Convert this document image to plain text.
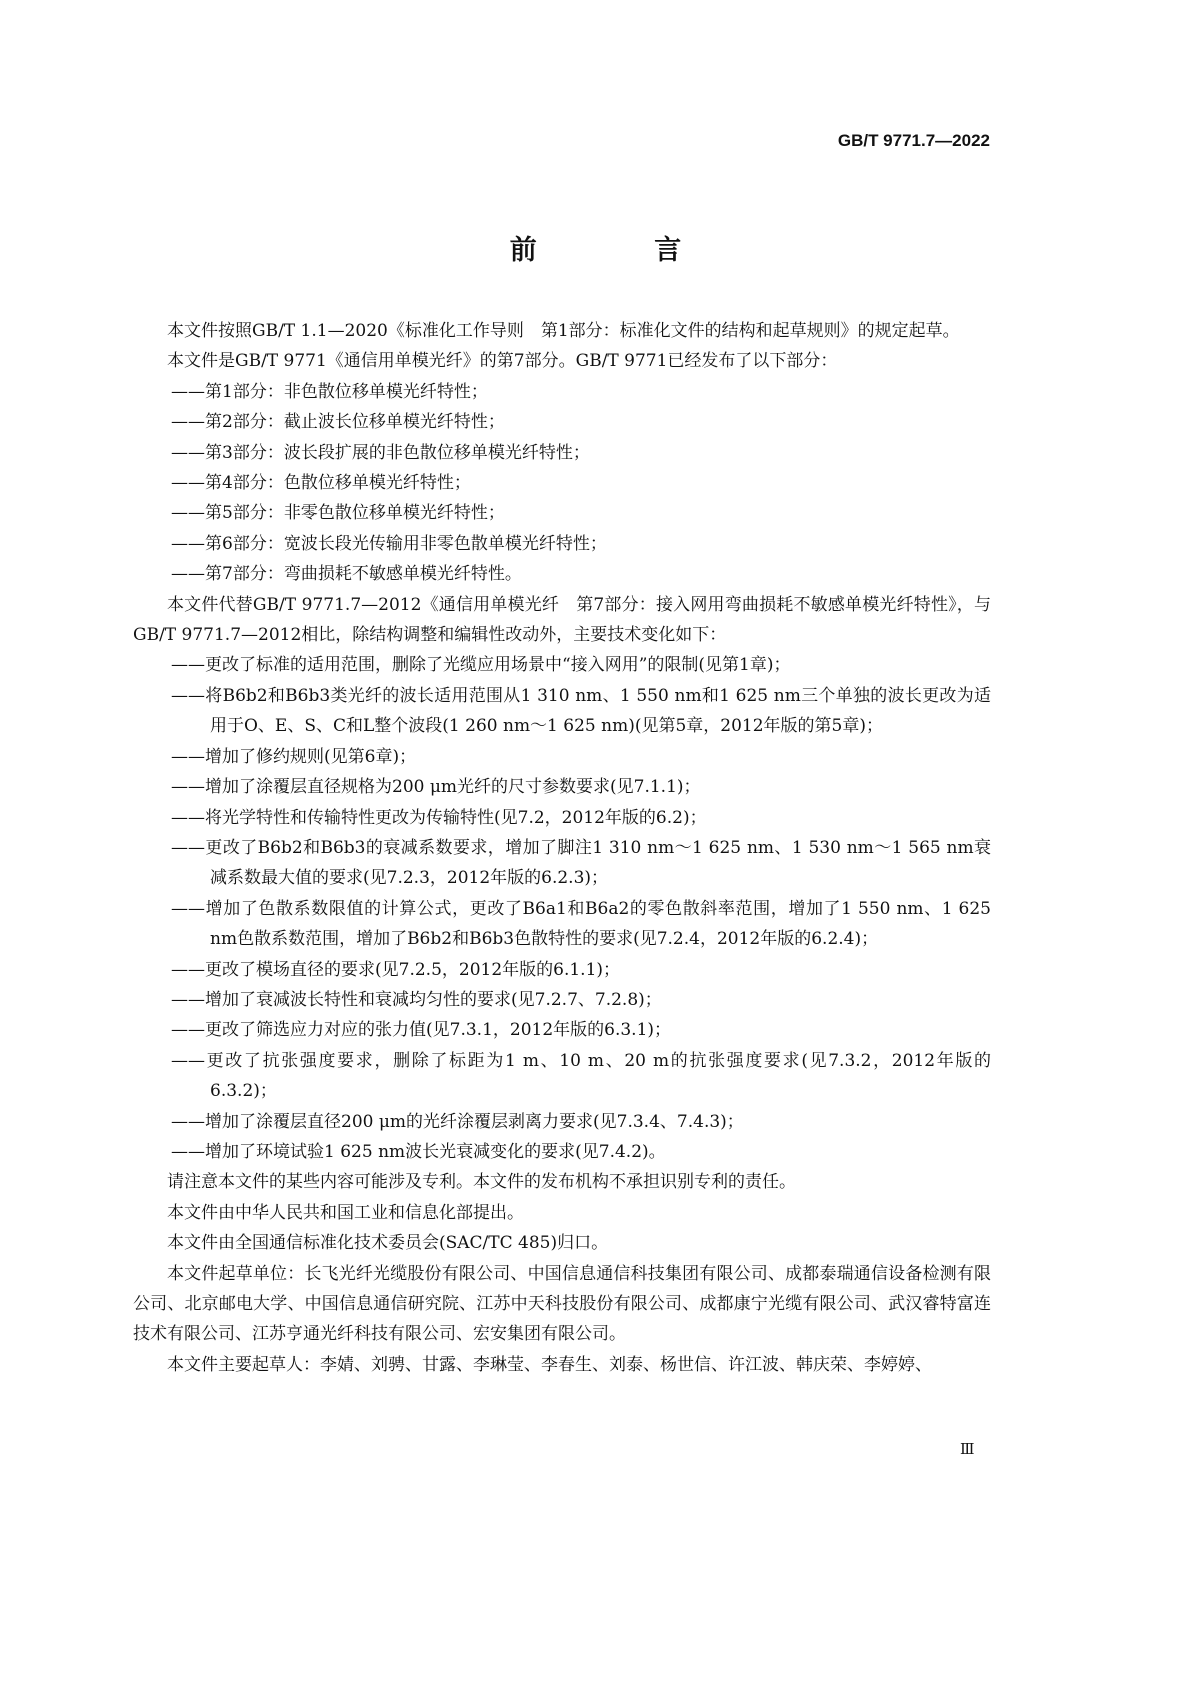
GB/T 9771.7—2022
前 言

本文件按照GB/T 1.1—2020《标准化工作导则　第1部分：标准化文件的结构和起草规则》的规定起草。

本文件是GB/T 9771《通信用单模光纤》的第7部分。GB/T 9771已经发布了以下部分：

——第1部分：非色散位移单模光纤特性；

——第2部分：截止波长位移单模光纤特性；

——第3部分：波长段扩展的非色散位移单模光纤特性；

——第4部分：色散位移单模光纤特性；

——第5部分：非零色散位移单模光纤特性；

——第6部分：宽波长段光传输用非零色散单模光纤特性；

——第7部分：弯曲损耗不敏感单模光纤特性。

本文件代替GB/T 9771.7—2012《通信用单模光纤　第7部分：接入网用弯曲损耗不敏感单模光纤特性》，与GB/T 9771.7—2012相比，除结构调整和编辑性改动外，主要技术变化如下：

——更改了标准的适用范围，删除了光缆应用场景中“接入网用”的限制(见第1章)；

——将B6b2和B6b3类光纤的波长适用范围从1 310 nm、1 550 nm和1 625 nm三个单独的波长更改为适用于O、E、S、C和L整个波段(1 260 nm～1 625 nm)(见第5章，2012年版的第5章)；

——增加了修约规则(见第6章)；

——增加了涂覆层直径规格为200 μm光纤的尺寸参数要求(见7.1.1)；

——将光学特性和传输特性更改为传输特性(见7.2，2012年版的6.2)；

——更改了B6b2和B6b3的衰减系数要求，增加了脚注1 310 nm～1 625 nm、1 530 nm～1 565 nm衰减系数最大值的要求(见7.2.3，2012年版的6.2.3)；

——增加了色散系数限值的计算公式，更改了B6a1和B6a2的零色散斜率范围，增加了1 550 nm、1 625 nm色散系数范围，增加了B6b2和B6b3色散特性的要求(见7.2.4，2012年版的6.2.4)；

——更改了模场直径的要求(见7.2.5，2012年版的6.1.1)；

——增加了衰减波长特性和衰减均匀性的要求(见7.2.7、7.2.8)；

——更改了筛选应力对应的张力值(见7.3.1，2012年版的6.3.1)；

——更改了抗张强度要求，删除了标距为1 m、10 m、20 m的抗张强度要求(见7.3.2，2012年版的6.3.2)；

——增加了涂覆层直径200 μm的光纤涂覆层剥离力要求(见7.3.4、7.4.3)；

——增加了环境试验1 625 nm波长光衰减变化的要求(见7.4.2)。

请注意本文件的某些内容可能涉及专利。本文件的发布机构不承担识别专利的责任。

本文件由中华人民共和国工业和信息化部提出。

本文件由全国通信标准化技术委员会(SAC/TC 485)归口。

本文件起草单位：长飞光纤光缆股份有限公司、中国信息通信科技集团有限公司、成都泰瑞通信设备检测有限公司、北京邮电大学、中国信息通信研究院、江苏中天科技股份有限公司、成都康宁光缆有限公司、武汉睿特富连技术有限公司、江苏亨通光纤科技有限公司、宏安集团有限公司。

本文件主要起草人：李婧、刘骋、甘露、李琳莹、李春生、刘泰、杨世信、许江波、韩庆荣、李婷婷、

Ⅲ
